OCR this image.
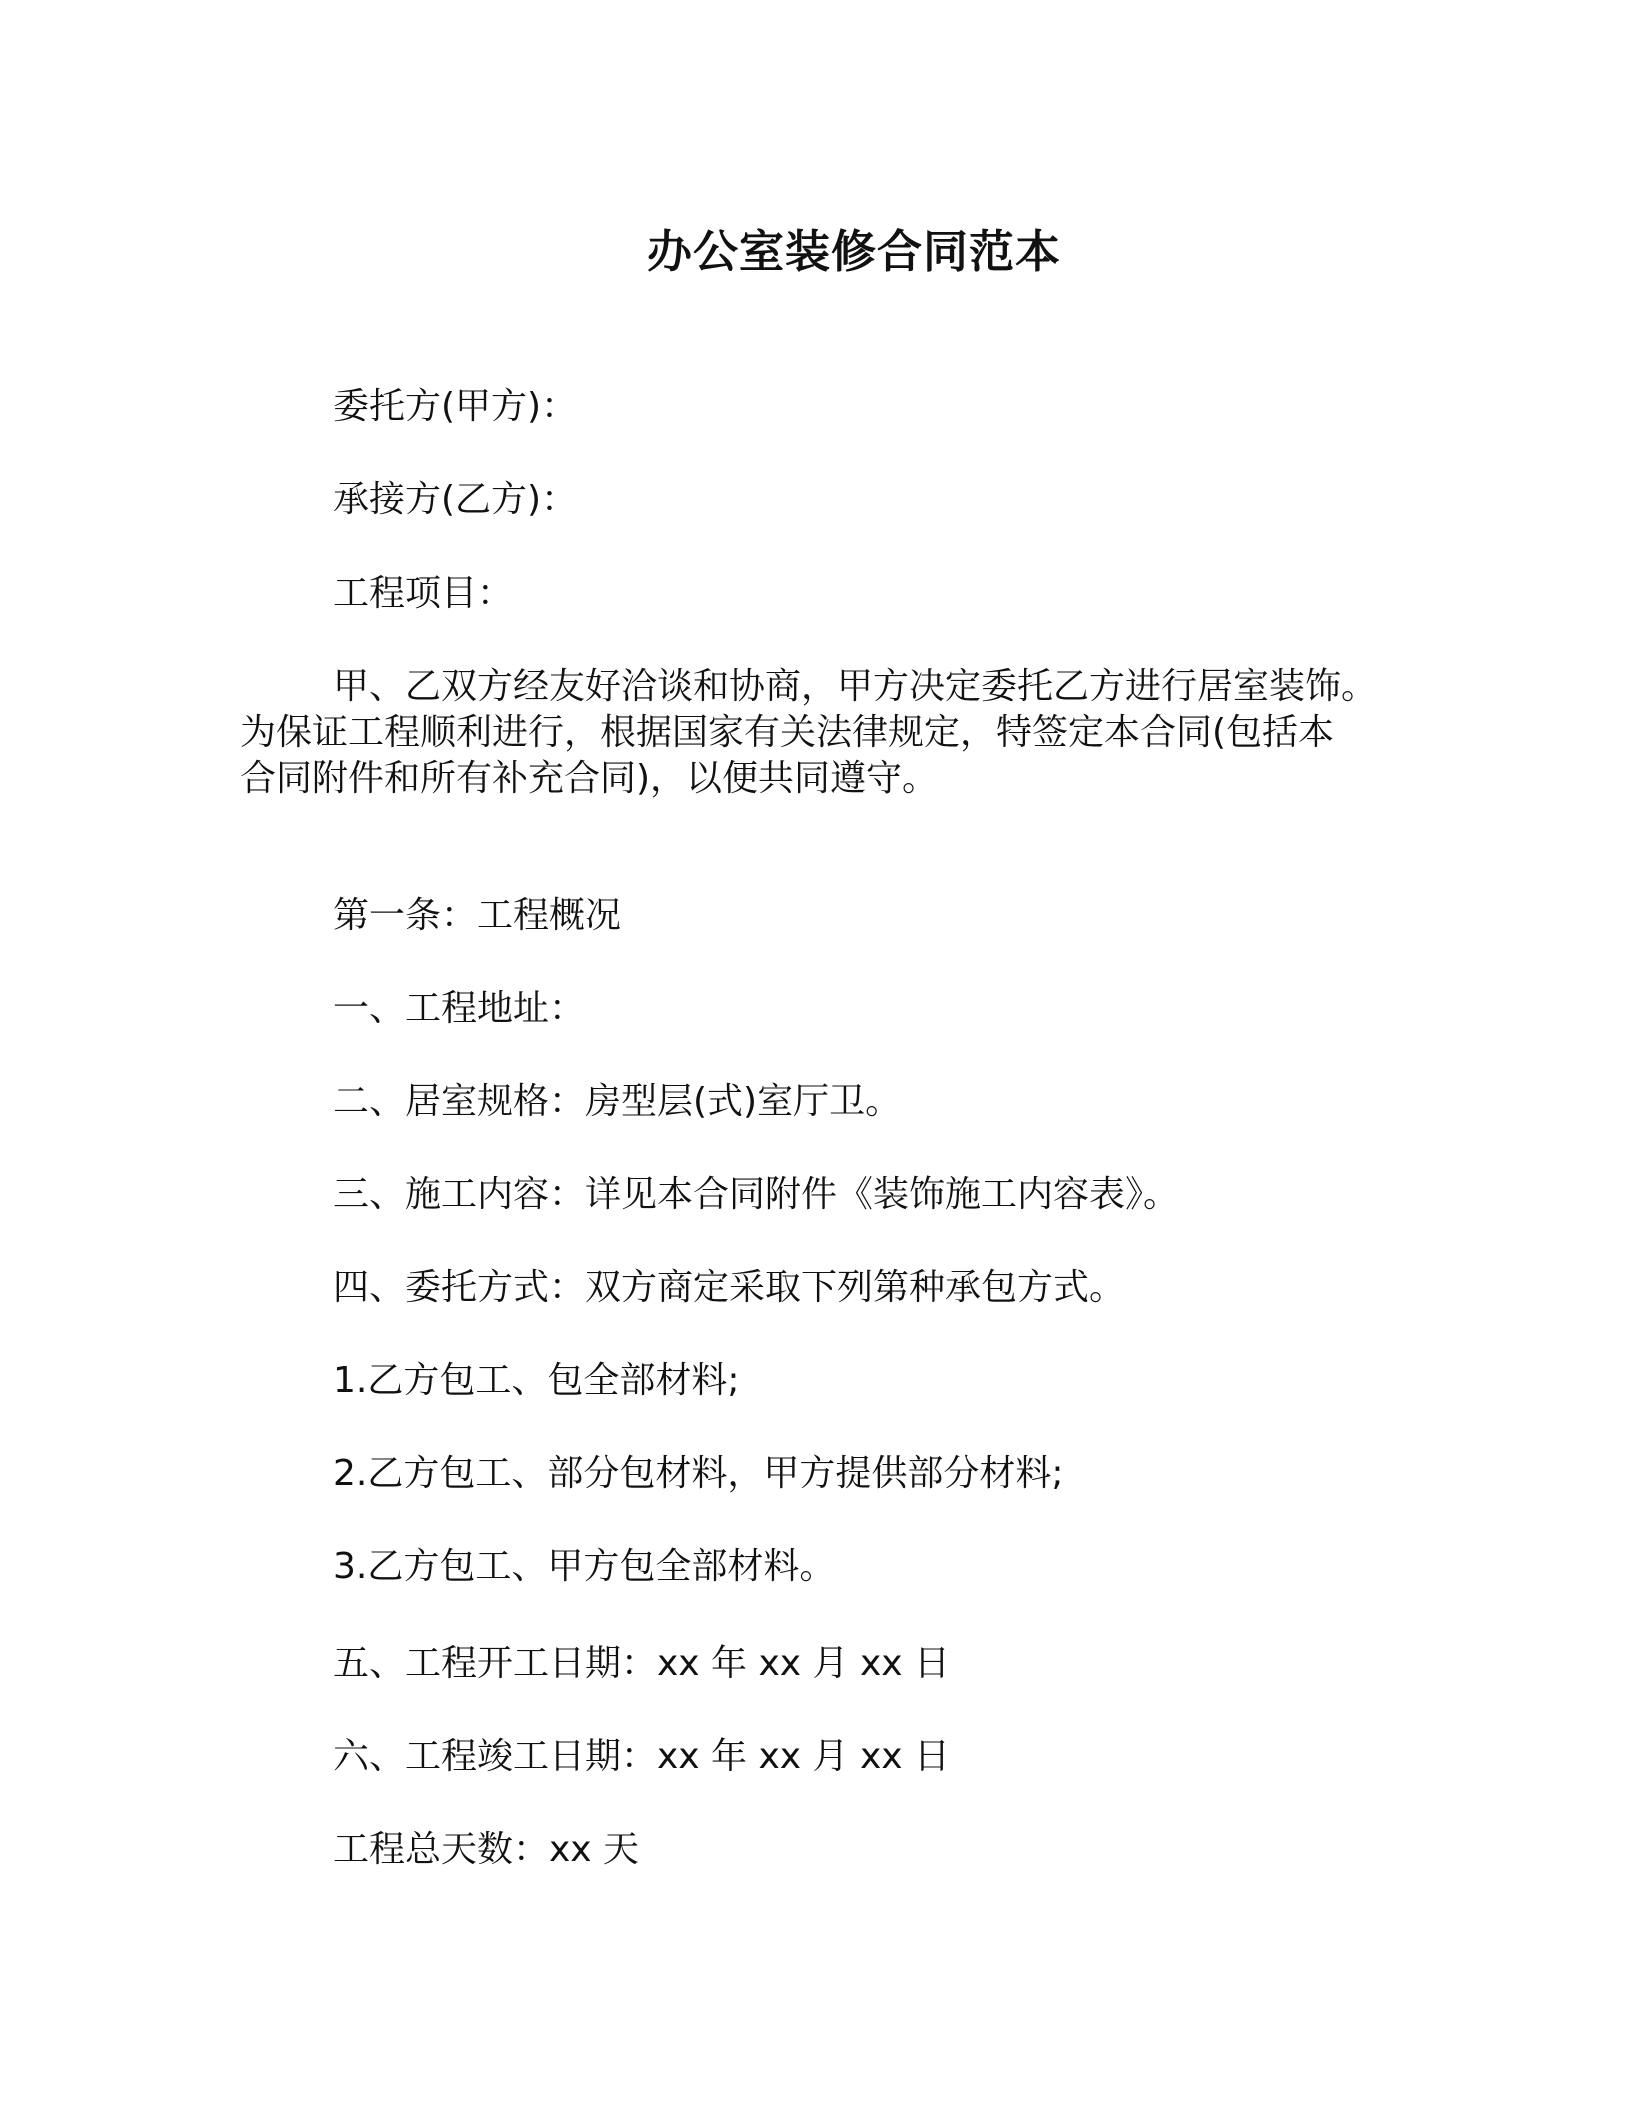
办公室装修合同范本
委托方(甲方)：
承接方(乙方)：
工程项目：
甲、乙双方经友好洽谈和协商，甲方决定委托乙方进行居室装饰。
为保证工程顺利进行，根据国家有关法律规定，特签定本合同(包括本
合同附件和所有补充合同)，以便共同遵守。
第一条：工程概况
一、工程地址：
二、居室规格：房型层(式)室厅卫。
三、施工内容：详见本合同附件《装饰施工内容表》。
四、委托方式：双方商定采取下列第种承包方式。
1.乙方包工、包全部材料;
2.乙方包工、部分包材料，甲方提供部分材料;
3.乙方包工、甲方包全部材料。
五、工程开工日期：xx 年 xx 月 xx 日
六、工程竣工日期：xx 年 xx 月 xx 日
工程总天数：xx 天
